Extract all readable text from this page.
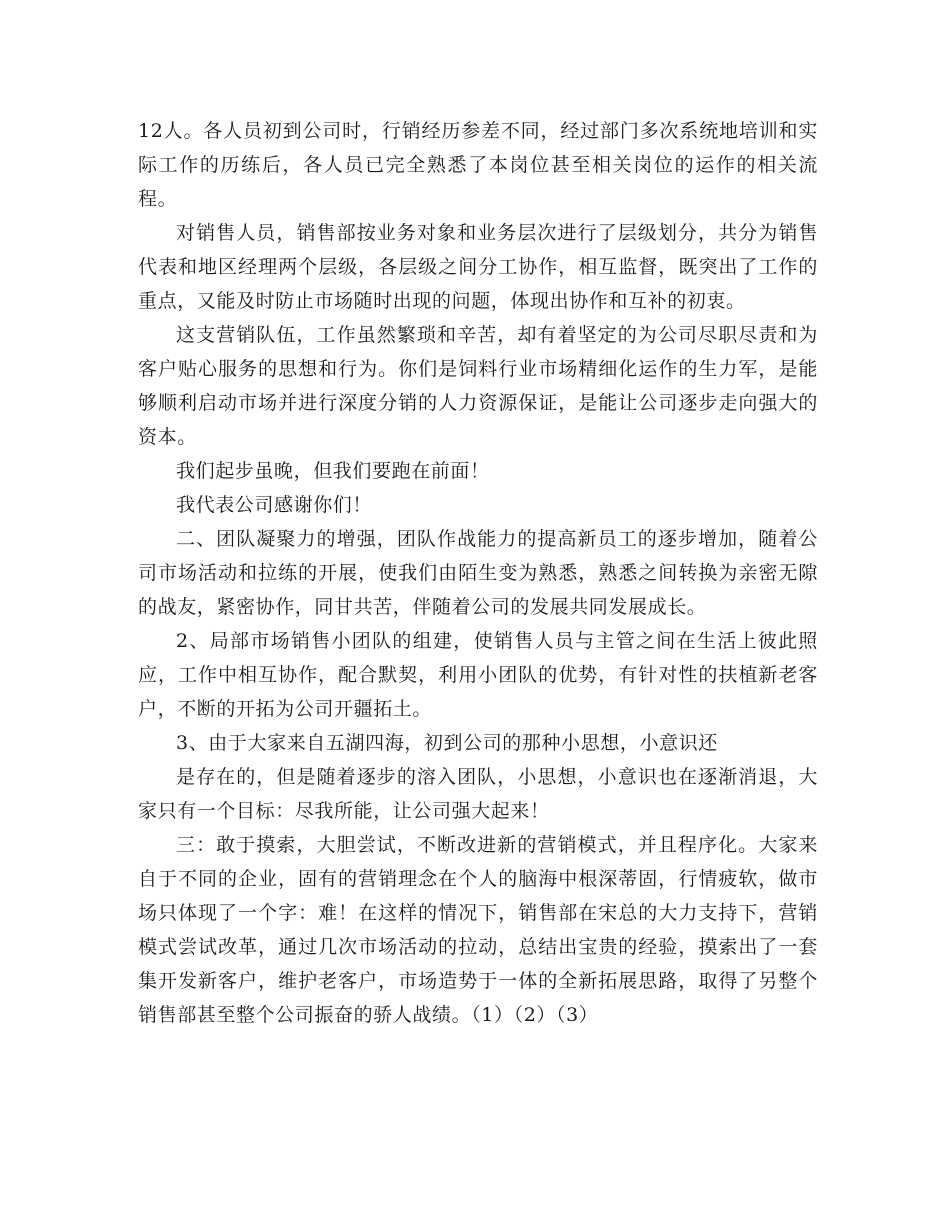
12人。各人员初到公司时，行销经历参差不同，经过部门多次系统地培训和实际工作的历练后，各人员已完全熟悉了本岗位甚至相关岗位的运作的相关流程。

对销售人员，销售部按业务对象和业务层次进行了层级划分，共分为销售代表和地区经理两个层级，各层级之间分工协作，相互监督，既突出了工作的重点，又能及时防止市场随时出现的问题，体现出协作和互补的初衷。

这支营销队伍，工作虽然繁琐和辛苦，却有着坚定的为公司尽职尽责和为客户贴心服务的思想和行为。你们是饲料行业市场精细化运作的生力军，是能够顺利启动市场并进行深度分销的人力资源保证，是能让公司逐步走向强大的资本。

我们起步虽晚，但我们要跑在前面！

我代表公司感谢你们！

二、团队凝聚力的增强，团队作战能力的提高新员工的逐步增加，随着公司市场活动和拉练的开展，使我们由陌生变为熟悉，熟悉之间转换为亲密无隙的战友，紧密协作，同甘共苦，伴随着公司的发展共同发展成长。

2、局部市场销售小团队的组建，使销售人员与主管之间在生活上彼此照应，工作中相互协作，配合默契，利用小团队的优势，有针对性的扶植新老客户，不断的开拓为公司开疆拓土。

3、由于大家来自五湖四海，初到公司的那种小思想，小意识还

是存在的，但是随着逐步的溶入团队，小思想，小意识也在逐渐消退，大家只有一个目标：尽我所能，让公司强大起来！

三：敢于摸索，大胆尝试，不断改进新的营销模式，并且程序化。大家来自于不同的企业，固有的营销理念在个人的脑海中根深蒂固，行情疲软，做市场只体现了一个字：难！在这样的情况下，销售部在宋总的大力支持下，营销模式尝试改革，通过几次市场活动的拉动，总结出宝贵的经验，摸索出了一套集开发新客户，维护老客户，市场造势于一体的全新拓展思路，取得了另整个销售部甚至整个公司振奋的骄人战绩。（1）（2）（3）
